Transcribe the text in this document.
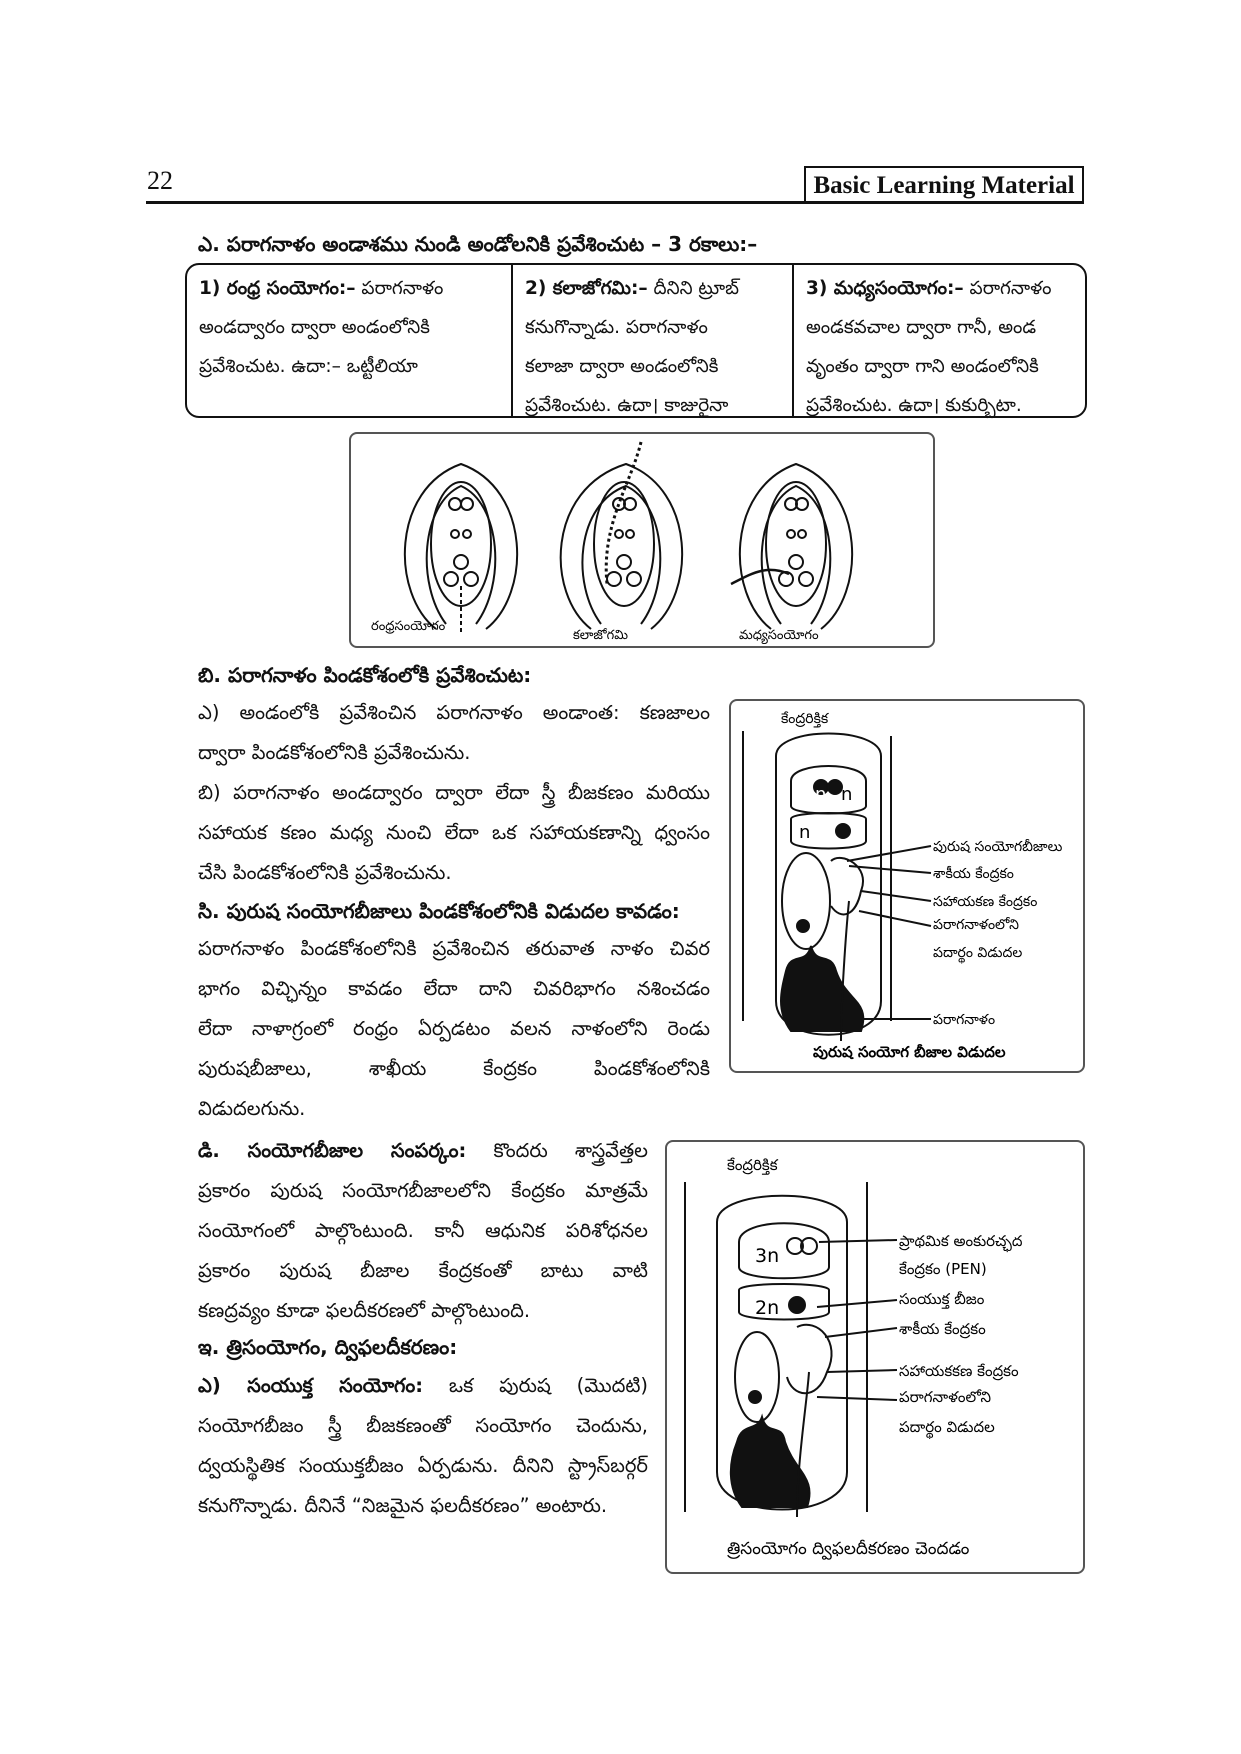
22	Basic Learning Material
ఎ. పరాగనాళం అండాశము నుండి అండోలనికి ప్రవేశించుట – 3 రకాలు:–
1) రంధ్ర సంయోగం:– పరాగనాళం
అండద్వారం ద్వారా అండంలోనికి
ప్రవేశించుట. ఉదా:– ఒట్టీలియా
2) కలాజోగమి:– దీనిని ట్రూబ్
కనుగొన్నాడు. పరాగనాళం
కలాజా ద్వారా అండంలోనికి
ప్రవేశించుట. ఉదా। కాజురైనా
3) మధ్యసంయోగం:– పరాగనాళం
అండకవచాల ద్వారా గానీ, అండ
వృంతం ద్వారా గాని అండంలోనికి
ప్రవేశించుట. ఉదా। కుకుర్బిటా.
రంధ్రసంయోగం
కలాజోగమి	మధ్యసంయోగం
బి. పరాగనాళం పిండకోశంలోకి ప్రవేశించుట:
ఎ) అండంలోకి ప్రవేశించిన పరాగనాళం అండాంత: కణజాలం
ద్వారా పిండకోశంలోనికి ప్రవేశించును.
బి) పరాగనాళం అండద్వారం ద్వారా లేదా స్త్రీ బీజకణం మరియు
సహాయక కణం మధ్య నుంచి లేదా ఒక సహాయకణాన్ని ధ్వంసం
చేసి పిండకోశంలోనికి ప్రవేశించును.
సి. పురుష సంయోగబీజాలు పిండకోశంలోనికి విడుదల కావడం:
పరాగనాళం పిండకోశంలోనికి ప్రవేశించిన తరువాత నాళం చివర
భాగం విచ్ఛిన్నం కావడం లేదా దాని చివరిభాగం నశించడం
లేదా నాళాగ్రంలో రంధ్రం ఏర్పడటం వలన నాళంలోని రెండు
పురుషబీజాలు, శాఖీయ కేంద్రకం పిండకోశంలోనికి
విడుదలగును.
n n
n
కేంద్రరిక్తిక
పురుష సంయోగబీజాలు
శాకీయ కేంద్రకం
సహాయకణ కేంద్రకం
పరాగనాళంలోని
పదార్థం విడుదల
పరాగనాళం
పురుష సంయోగ బీజాల విడుదల
డి. సంయోగబీజాల సంపర్కం: కొందరు శాస్త్రవేత్తల
ప్రకారం పురుష సంయోగబీజాలలోని కేంద్రకం మాత్రమే
సంయోగంలో పాల్గొంటుంది. కానీ ఆధునిక పరిశోధనల
ప్రకారం పురుష బీజాల కేంద్రకంతో బాటు వాటి
కణద్రవ్యం కూడా ఫలదీకరణలో పాల్గొంటుంది.
ఇ. త్రిసంయోగం, ద్విఫలదీకరణం:
ఎ) సంయుక్త సంయోగం: ఒక పురుష (మొదటి)
సంయోగబీజం స్త్రీ బీజకణంతో సంయోగం చెందును,
ద్వయస్థితిక సంయుక్తబీజం ఏర్పడును. దీనిని స్ట్రాస్‌బర్గర్
కనుగొన్నాడు. దీనినే “నిజమైన ఫలదీకరణం” అంటారు.
3n
2n
కేంద్రరిక్తిక
ప్రాథమిక అంకురచ్ఛద
కేంద్రకం (PEN)
సంయుక్త బీజం
శాకీయ కేంద్రకం
సహాయకకణ కేంద్రకం
పరాగనాళంలోని
పదార్థం విడుదల
త్రిసంయోగం ద్విఫలదీకరణం చెందడం
